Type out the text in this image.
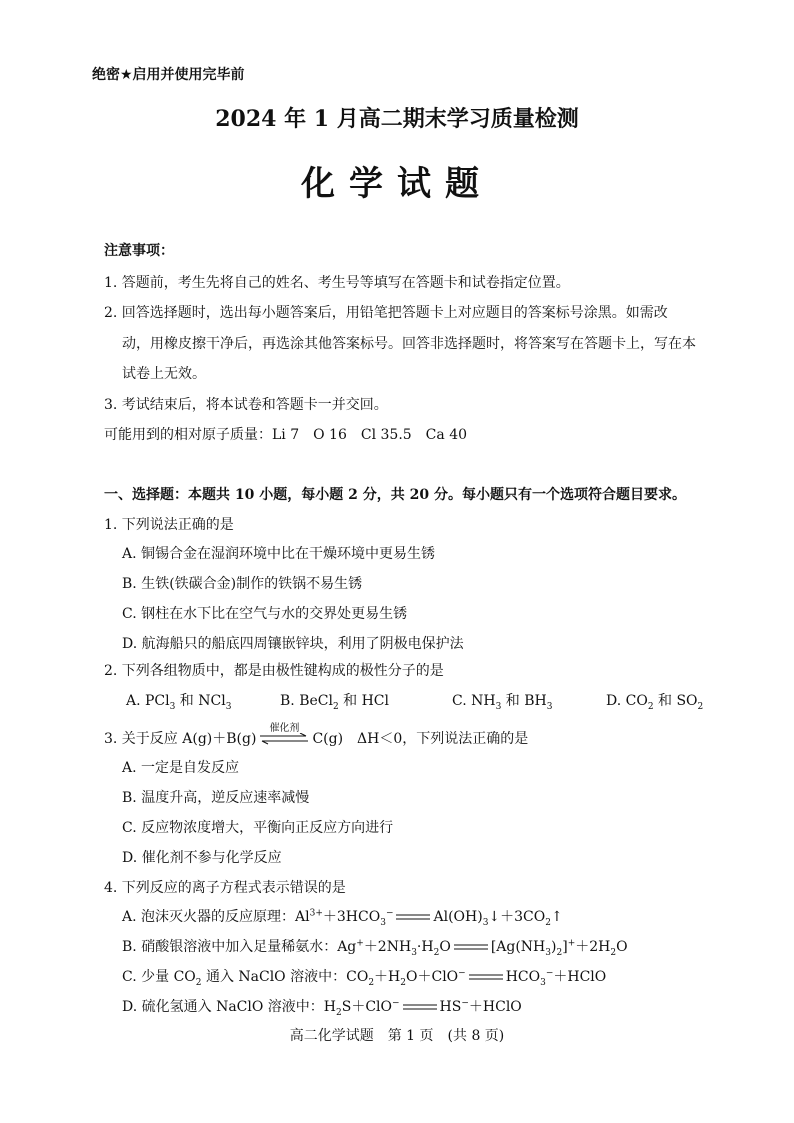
绝密★启用并使用完毕前
2024 年 1 月高二期末学习质量检测
化学试题
注意事项：
1. 答题前，考生先将自己的姓名、考生号等填写在答题卡和试卷指定位置。
2. 回答选择题时，选出每小题答案后，用铅笔把答题卡上对应题目的答案标号涂黑。如需改
动，用橡皮擦干净后，再选涂其他答案标号。回答非选择题时，将答案写在答题卡上，写在本
试卷上无效。
3. 考试结束后，将本试卷和答题卡一并交回。
可能用到的相对原子质量：Li 7　O 16　Cl 35.5　Ca 40
一、选择题：本题共 10 小题，每小题 2 分，共 20 分。每小题只有一个选项符合题目要求。
1. 下列说法正确的是
A. 铜锡合金在湿润环境中比在干燥环境中更易生锈
B. 生铁(铁碳合金)制作的铁锅不易生锈
C. 钢柱在水下比在空气与水的交界处更易生锈
D. 航海船只的船底四周镶嵌锌块，利用了阴极电保护法
2. 下列各组物质中，都是由极性键构成的极性分子的是
A. PCl$_3$ 和 NCl$_3$	B. BeCl$_2$ 和 HCl	C. $NH_3$ 和 $BH_3$	D. $CO_2$ 和 $SO_2$
3. 关于反应 A(g)＋B(g)
催化剂
C(g)　ΔH＜0，下列说法正确的是
A. 一定是自发反应
B. 温度升高，逆反应速率减慢
C. 反应物浓度增大，平衡向正反应方向进行
D. 催化剂不参与化学反应
4. 下列反应的离子方程式表示错误的是
A. 泡沫灭火器的反应原理：$Al^{3+}+3HCO_3^-$	$Al(OH)_3↓+3CO_2↑$
B. 硝酸银溶液中加入足量稀氨水：$Ag^++2NH_3\cdot H_2O$	$[Ag(NH_3)_2]^++2H_2O$
C. 少量 $CO_2$ 通入 NaClO 溶液中：$CO_2+H_2O+ClO^-$	$HCO_3^-+HClO$
D. 硫化氢通入 NaClO 溶液中：$H_2S+ClO^-$	HS−＋HClO
高二化学试题　第 1 页　(共 8 页)
